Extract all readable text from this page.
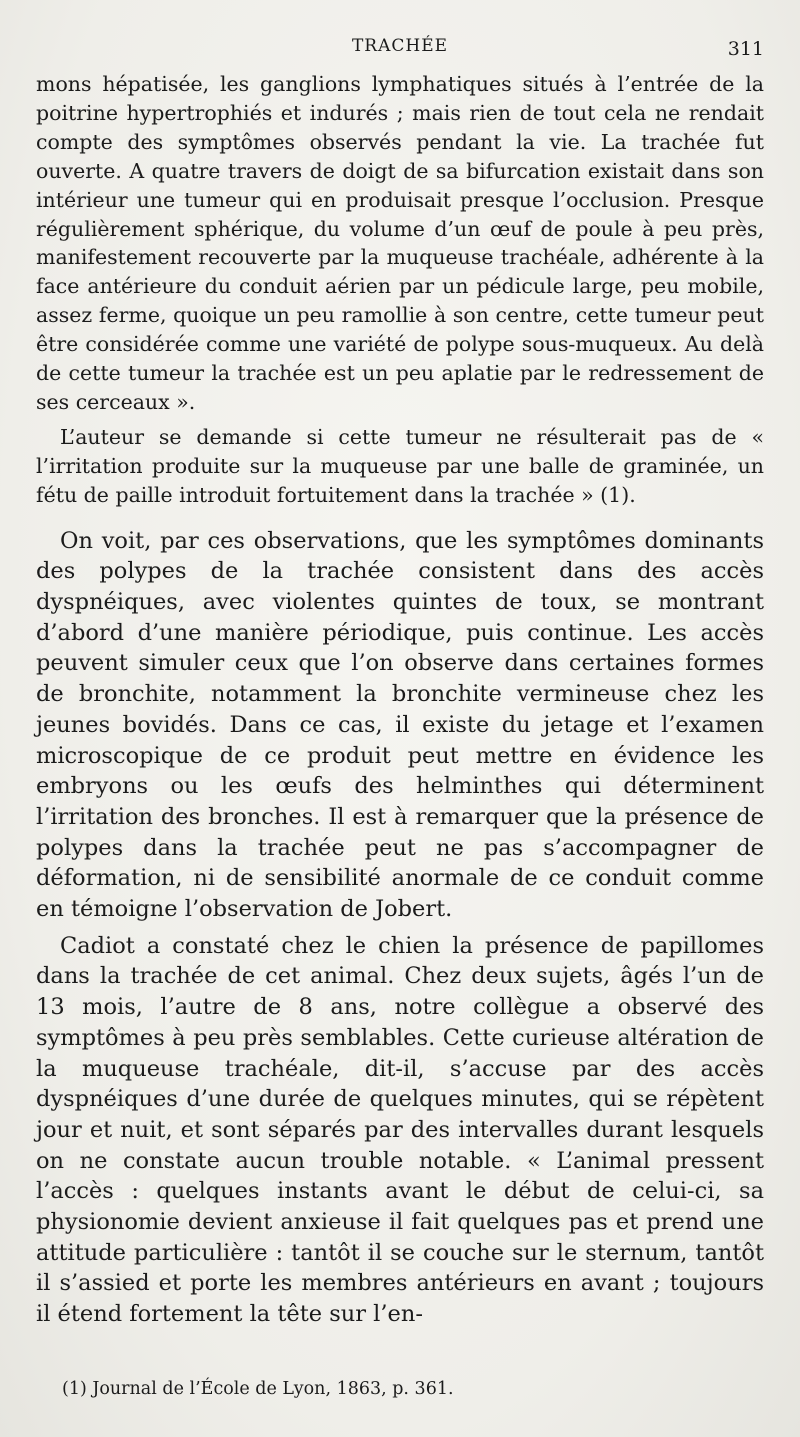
TRACHÉE	311

mons hépatisée, les ganglions lymphatiques situés à l’entrée de la poitrine hypertrophiés et indurés ; mais rien de tout cela ne rendait compte des symptômes observés pendant la vie. La trachée fut ouverte. A quatre travers de doigt de sa bifurcation existait dans son intérieur une tumeur qui en produisait presque l’occlusion. Presque régulièrement sphérique, du volume d’un œuf de poule à peu près, manifestement recouverte par la muqueuse trachéale, adhérente à la face antérieure du conduit aérien par un pédicule large, peu mobile, assez ferme, quoique un peu ramollie à son centre, cette tumeur peut être considérée comme une variété de polype sous-muqueux. Au delà de cette tumeur la trachée est un peu aplatie par le redressement de ses cerceaux ».

L’auteur se demande si cette tumeur ne résulterait pas de « l’irritation produite sur la muqueuse par une balle de graminée, un fétu de paille introduit fortuitement dans la trachée » (1).

On voit, par ces observations, que les symptômes dominants des polypes de la trachée consistent dans des accès dyspnéiques, avec violentes quintes de toux, se montrant d’abord d’une manière périodique, puis continue. Les accès peuvent simuler ceux que l’on observe dans certaines formes de bronchite, notamment la bronchite vermineuse chez les jeunes bovidés. Dans ce cas, il existe du jetage et l’examen microscopique de ce produit peut mettre en évidence les embryons ou les œufs des helminthes qui déterminent l’irritation des bronches. Il est à remarquer que la présence de polypes dans la trachée peut ne pas s’accompagner de déformation, ni de sensibilité anormale de ce conduit comme en témoigne l’observation de Jobert.

Cadiot a constaté chez le chien la présence de papillomes dans la trachée de cet animal. Chez deux sujets, âgés l’un de 13 mois, l’autre de 8 ans, notre collègue a observé des symptômes à peu près semblables. Cette curieuse altération de la muqueuse trachéale, dit-il, s’accuse par des accès dyspnéiques d’une durée de quelques minutes, qui se répètent jour et nuit, et sont séparés par des intervalles durant lesquels on ne constate aucun trouble notable. « L’animal pressent l’accès : quelques instants avant le début de celui-ci, sa physionomie devient anxieuse il fait quelques pas et prend une attitude particulière : tantôt il se couche sur le sternum, tantôt il s’assied et porte les membres antérieurs en avant ; toujours il étend fortement la tête sur l’en-

(1) Journal de l’École de Lyon, 1863, p. 361.
